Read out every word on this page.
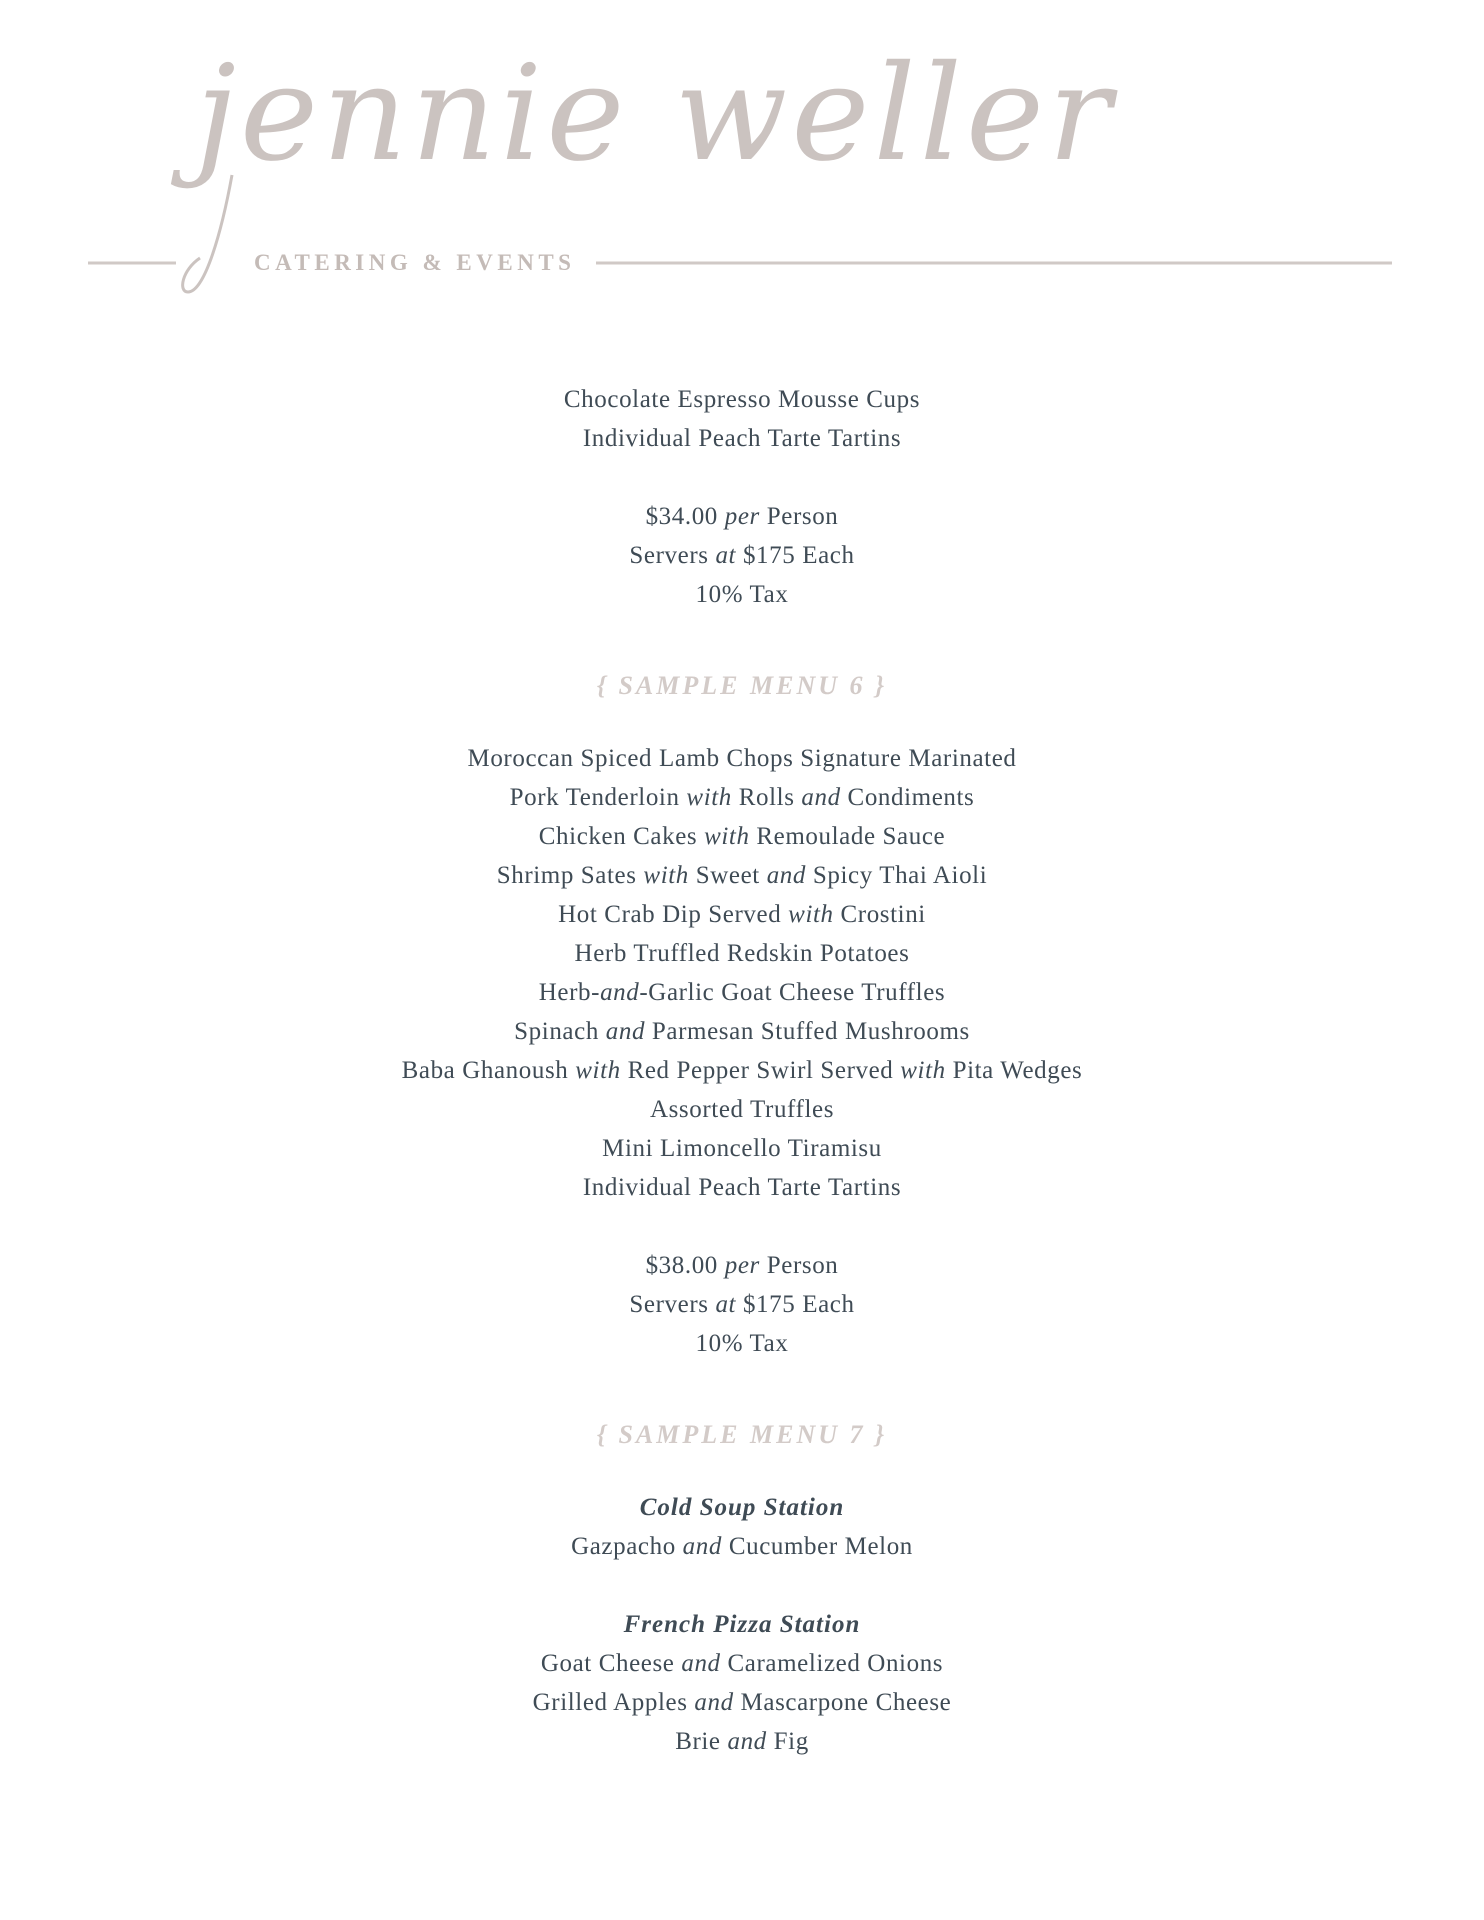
jennie weller
CATERING & EVENTS
Chocolate Espresso Mousse Cups
Individual Peach Tarte Tartins
$34.00 per Person
Servers at $175 Each
10% Tax
{ SAMPLE MENU 6 }
Moroccan Spiced Lamb Chops Signature Marinated
Pork Tenderloin with Rolls and Condiments
Chicken Cakes with Remoulade Sauce
Shrimp Sates with Sweet and Spicy Thai Aioli
Hot Crab Dip Served with Crostini
Herb Truffled Redskin Potatoes
Herb-and-Garlic Goat Cheese Truffles
Spinach and Parmesan Stuffed Mushrooms
Baba Ghanoush with Red Pepper Swirl Served with Pita Wedges
Assorted Truffles
Mini Limoncello Tiramisu
Individual Peach Tarte Tartins
$38.00 per Person
Servers at $175 Each
10% Tax
{ SAMPLE MENU 7 }
Cold Soup Station
Gazpacho and Cucumber Melon
French Pizza Station
Goat Cheese and Caramelized Onions
Grilled Apples and Mascarpone Cheese
Brie and Fig
